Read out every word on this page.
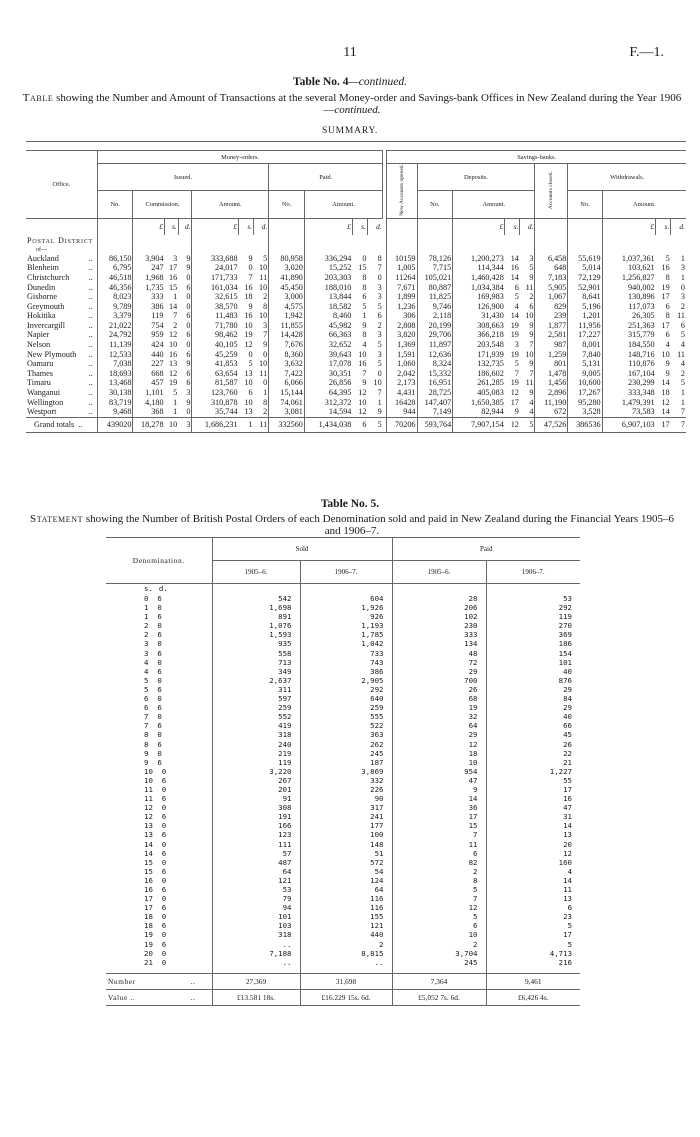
11	F.—1.
Table No. 4—continued.
Table showing the Number and Amount of Transactions at the several Money-order and Savings-bank Offices in New Zealand during the Year 1906—continued.
SUMMARY.
Office.	Money-orders.												Savings-banks.									
	Issued.							Paid.					New Accounts opened.	Deposits.				Accounts closed.	Withdrawals.			
	No.	Commission.			Amount.			No.	Amount.					No.	Amount.				No.	Amount.		
		£	s.	d.	£	s.	d.		£	s.	d.				£	s.	d.			£	s.	d.
Postal District																						
of—																						
Auckland ..	86,150	3,904	3	9	333,688	9	5	80,958	336,294	0	8		10159	78,126	1,200,273	14	3	6,458	55,619	1,037,361	5	1
Blenheim ..	6,795	247	17	9	24,017	0	10	3,020	15,252	15	7		1,005	7,715	114,344	16	5	648	5,014	103,621	16	3
Christchurch ..	46,518	1,968	16	0	171,733	7	11	41,890	203,303	8	0		11264	105,021	1,460,428	14	9	7,183	72,129	1,256,827	8	1
Dunedin ..	46,356	1,735	15	6	161,034	16	10	45,450	188,010	8	3		7,671	80,887	1,034,384	6	11	5,905	52,901	940,002	19	0
Gisborne ..	8,023	333	1	0	32,615	18	2	3,000	13,844	6	3		1,899	11,825	169,983	5	2	1,067	8,641	130,896	17	3
Greymouth ..	9,789	386	14	0	38,570	9	8	4,575	18,582	5	5		1,236	9,746	126,900	4	6	829	5,196	117,073	6	2
Hokitika ..	3,379	119	7	6	11,483	16	10	1,942	8,460	1	6		306	2,118	31,430	14	10	239	1,201	26,305	8	11
Invercargill ..	21,022	754	2	0	71,780	10	3	11,855	45,982	9	2		2,808	20,199	308,663	19	9	1,877	11,956	251,363	17	6
Napier ..	24,792	959	12	6	98,462	19	7	14,428	66,363	8	3		3,820	29,706	366,218	19	9	2,581	17,227	315,779	6	5
Nelson ..	11,139	424	10	0	40,105	12	9	7,676	32,652	4	5		1,369	11,897	203,548	3	7	987	8,001	184,550	4	4
New Plymouth ..	12,533	440	16	6	45,259	0	0	8,360	39,643	10	3		1,591	12,636	171,939	19	10	1,259	7,840	148,716	10	11
Oamaru ..	7,038	227	13	9	41,853	5	10	3,632	17,078	16	5		1,060	8,324	132,735	5	9	801	5,131	110,876	9	4
Thames ..	18,693	668	12	6	63,654	13	11	7,422	30,351	7	0		2,042	15,332	186,602	7	7	1,478	9,005	167,104	9	2
Timaru ..	13,468	457	19	6	81,587	10	0	6,066	26,856	9	10		2,173	16,951	261,285	19	11	1,456	10,600	230,299	14	5
Wanganui ..	30,138	1,101	5	3	123,760	6	1	15,144	64,395	12	7		4,431	28,725	405,083	12	9	2,896	17,267	333,348	18	1
Wellington ..	83,719	4,180	1	9	310,878	10	8	74,061	312,372	10	1		16428	147,407	1,650,385	17	4	11,190	95,280	1,479,391	12	1
Westport ..	9,468	368	1	0	35,744	13	2	3,081	14,594	12	9		944	7,149	82,944	9	4	672	3,528	73,583	14	7
Grand totals ..	439020	18,278	10	3	1,686,231	1	11	332560	1,434,038	6	5		70206	593,764	7,907,154	12	5	47,526	386536	6,907,103	17	7

Table No. 5.
Statement showing the Number of British Postal Orders of each Denomination sold and paid in New Zealand during the Financial Years 1905–6 and 1906–7.
Denomination.	Sold		Paid	
	1905–6.	1906–7.	1905–6.	1906–7.
s. d.				
0  6	542	604	28	53
1  0	1,698	1,926	206	292
1  6	891	926	102	119
2  0	1,076	1,193	230	270
2  6	1,593	1,785	333	369
3  0	935	1,042	134	186
3  6	558	733	48	154
4  0	713	743	72	101
4  6	349	386	29	40
5  0	2,637	2,905	700	876
5  6	311	292	26	29
6  0	597	640	68	84
6  6	259	259	19	29
7  0	552	555	32	40
7  6	419	522	64	66
8  0	318	363	29	45
8  6	240	262	12	26
9  0	219	245	18	22
9  6	119	187	10	21
10  0	3,220	3,869	954	1,227
10  6	267	332	47	55
11  0	201	226	9	17
11  6	91	90	14	16
12  0	308	317	36	47
12  6	191	241	17	31
13  0	166	177	15	14
13  6	123	100	7	13
14  0	111	148	11	20
14  6	57	51	6	12
15  0	487	572	82	160
15  6	64	54	2	4
16  0	121	124	8	14
16  6	53	64	5	11
17  0	79	116	7	13
17  6	94	116	12	6
18  0	101	155	5	23
18  6	103	121	6	5
19  0	318	440	10	17
19  6	..	2	2	5
20  0	7,188	8,815	3,704	4,713
21  0	..	..	245	216

Number ..	27,369	31,698	7,364	9,461
Value .. ..	£13.581 18s.	£16.229 15s. 6d.	£5,052 7s. 6d.	£6,426 4s.
